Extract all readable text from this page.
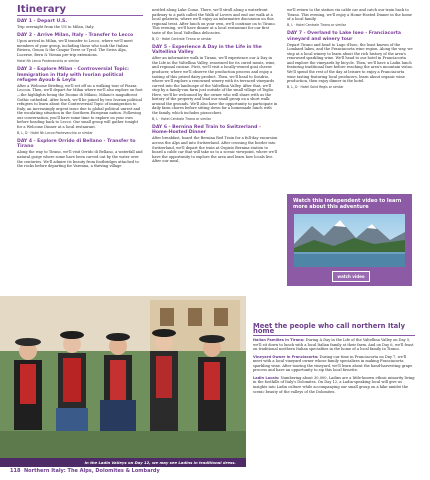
Itinerary
DAY 1 - Depart U.S.

Trip overnight from the US to Milan, Italy.

DAY 2 - Arrive Milan, Italy - Transfer to Lecco

Upon arrival in Milan, we'll transfer to Lecco, where we'll meet members of your group, including those who took the Italian Riviera, Genoa & the Cinque Terre or Tyrol: The Swiss Alps, Lucerne, Bern & Vienna pre-trip extensions.

Hotel Nh Lecco Pontevecchio or similar
DAY 3 - Explore Milan - Controversial Topic: Immigration in Italy with Ivorian political refugee Ayoub & Leyla

After a Welcome Briefing, we'll set off on a walking tour of Piazza Leccon. Then, we'll depart for Milan where we'll also explore on foot—the highlights being the Duomo di Milano, Milano's magnificent Gothic cathedral. After lunch, we'll be joined by two Ivorian political refugees to learn about the Controversial Topic of immigration to Italy, an increasingly urgent issue due to global political unrest and the escalating situation in the Southern European nation. Following our conversation, you'll have some time to explore on your own before heading back to Lecco. Our small group will gather tonight for a Welcome Dinner at a local restaurant.

B, L, D · Hotel Nh Lecco Pontevecchio or similar
DAY 4 - Explore Orrido di Bellano - Transfer to Tirano

Along the way to Tirano, we'll visit Orrido di Bellano, a waterfall and natural gorge where some have been carved out by the water over the centuries. We'll admire its beauty from footbridges attached to the rocks before departing for Varenna, a thriving village

nestled along Lake Como. There, we'll stroll along a waterfront pathway to a path called the Walk of Lovers and end our walk at a local gelateria, where we'll enjoy an informative discussion on this regional treat. After lunch on your own, we'll continue on to Tirano. This evening, we'll have dinner at a local restaurant for our first taste of the local Valtellina delicacies.

B, D · Hotel Centrale Tirano or similar
DAY 5 - Experience A Day in the Life in the Valtellina Valley

After an informative walk in Tirano, we'll experience our A Day in the Life in the Valtellina Valley, renowned for its cured meats, wine, and regional cuisine. First, we'll visit a locally-owned goat cheese producer, where we'll observe the production process and enjoy a tasting of this prized dairy product. Then, we'll head to Sondrio, where we'll explore a renowned winery with its terraced vineyards carved into the landscape of the Valtellina Valley. After that, we'll stop by a family-run farm just outside of the small village of Teglio. Here, we'll be welcomed by the owner who will share with us the history of the property and lead our small group on a short walk around the grounds. We'll also have the opportunity to participate in daily farm chores before sitting down for a homemade lunch with the family, which includes pizzoccheri.

B, L · Hotel Centrale Tirano or similar
DAY 6 - Bernina Red Train to Switzerland - Home-Hosted Dinner

After breakfast, board the Bernina Red Train for a full-day excursion across the Alps and into Switzerland. After crossing the border into Switzerland, we'll depart the train at Ospizio Bernina station to board a cable car that will take us to a scenic viewpoint, where we'll have the opportunity to explore the area and learn how locals live. After our meal,

we'll return to the station via cable car and catch our train back to Tirano. This evening, we'll enjoy a Home-Hosted Dinner in the home of a local family.

B, L · Hotel Centrale Tirano or similar
DAY 7 - Overland to Lake Iseo - Franciacorta vineyard and winery tour

Depart Tirano and head to Lago d'Iseo, the least known of the Lombard lakes, and the Franciacorta wine region. Along the way, we stop at a local winery to learn about the rich history of the area's renowned sparkling wine. We'll head to our hotel in Franciacorta and explore the vineyards by bicycle. Then, we'll have a Ladin lunch featuring traditional fare before reaching the area's mountain vistas. We'll spend the rest of the day at leisure to enjoy a Franciacorta wine tasting featuring local producers, learn about organic wine production, then enjoy dinner in the hotel.

B, L, D · Hotel Saint Regis or similar
Watch this independent video to learn more about this adventure
watch video
In the Ladin Valleys on Day 12, we may see Ladins in traditional dress.
Meet the people who call northern Italy home

Italian Families in Tirano: During A Day in the Life of the Valtellina Valley on Day 5, we'll sit down to lunch with a local Italian family at their farm. And on Day 6, we'll feast on traditional northern Italian specialties in the home of a local family in Tirano.

Vineyard Owner in Franciacorta: During our time in Franciacorta on Day 7, we'll meet with a local vineyard owner whose family specializes in making Franciacorta sparkling wine. After touring the vineyard, we'll learn about the hand-harvesting grape process and have an opportunity to sip this local favorite.

Ladin Locals: Numbering about 30,000, Ladins are a little-known ethnic minority living in the foothills of Italy's Dolomites. On Day 12, a Ladin-speaking local will give us insights into Ladin culture while accompanying our small group on a hike amidst the scenic beauty of the valleys of the Dolomites.

118 Northern Italy: The Alps, Dolomites & Lombardy
